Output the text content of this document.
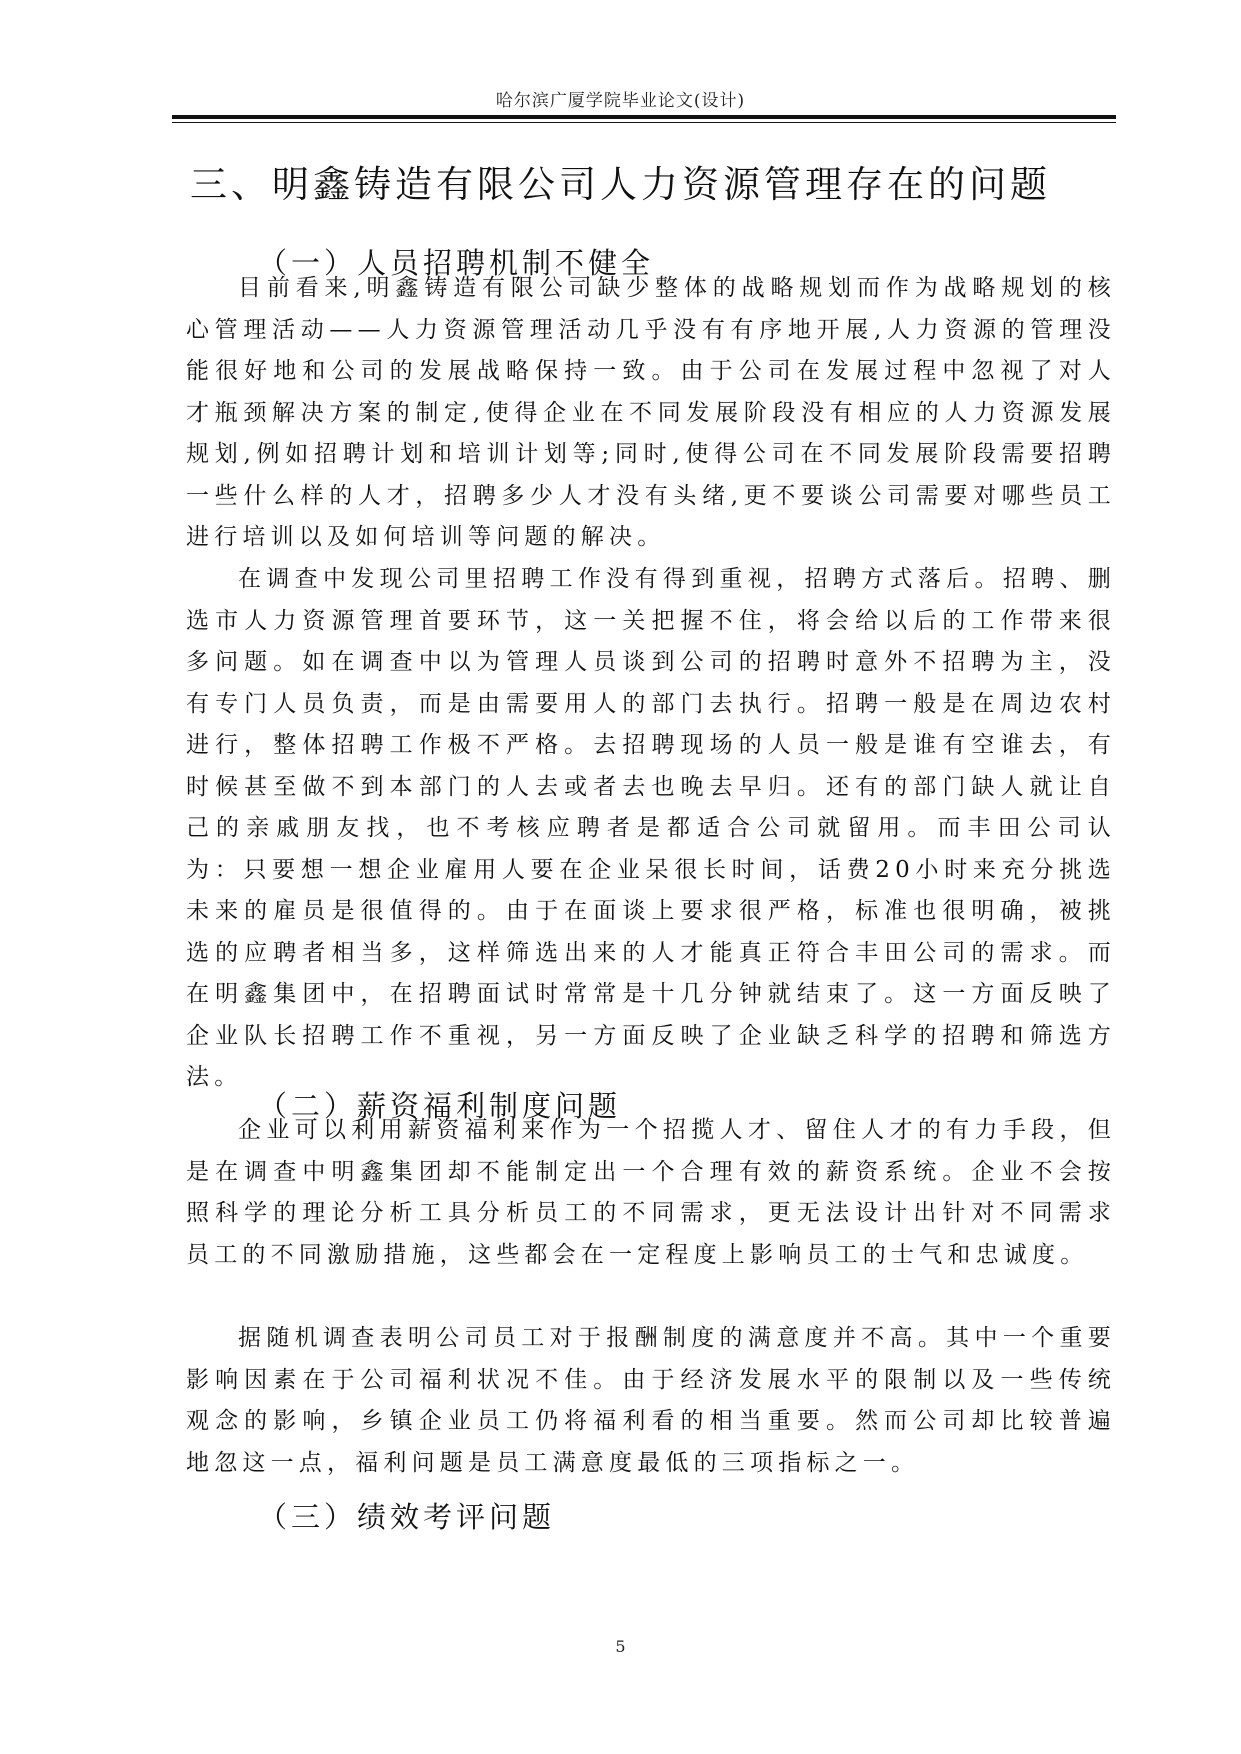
哈尔滨广厦学院毕业论文(设计)
三、明鑫铸造有限公司人力资源管理存在的问题
（一）人员招聘机制不健全

目前看来,明鑫铸造有限公司缺少整体的战略规划而作为战略规划的核心管理活动——人力资源管理活动几乎没有有序地开展,人力资源的管理没能很好地和公司的发展战略保持一致。由于公司在发展过程中忽视了对人才瓶颈解决方案的制定,使得企业在不同发展阶段没有相应的人力资源发展规划,例如招聘计划和培训计划等;同时,使得公司在不同发展阶段需要招聘一些什么样的人才，招聘多少人才没有头绪,更不要谈公司需要对哪些员工进行培训以及如何培训等问题的解决。

在调查中发现公司里招聘工作没有得到重视，招聘方式落后。招聘、删选市人力资源管理首要环节，这一关把握不住，将会给以后的工作带来很多问题。如在调查中以为管理人员谈到公司的招聘时意外不招聘为主，没有专门人员负责，而是由需要用人的部门去执行。招聘一般是在周边农村进行，整体招聘工作极不严格。去招聘现场的人员一般是谁有空谁去，有时候甚至做不到本部门的人去或者去也晚去早归。还有的部门缺人就让自己的亲戚朋友找，也不考核应聘者是都适合公司就留用。而丰田公司认为：只要想一想企业雇用人要在企业呆很长时间，话费20小时来充分挑选未来的雇员是很值得的。由于在面谈上要求很严格，标准也很明确，被挑选的应聘者相当多，这样筛选出来的人才能真正符合丰田公司的需求。而在明鑫集团中，在招聘面试时常常是十几分钟就结束了。这一方面反映了企业队长招聘工作不重视，另一方面反映了企业缺乏科学的招聘和筛选方法。

（二）薪资福利制度问题

企业可以利用薪资福利来作为一个招揽人才、留住人才的有力手段，但是在调查中明鑫集团却不能制定出一个合理有效的薪资系统。企业不会按照科学的理论分析工具分析员工的不同需求，更无法设计出针对不同需求员工的不同激励措施，这些都会在一定程度上影响员工的士气和忠诚度。

据随机调查表明公司员工对于报酬制度的满意度并不高。其中一个重要影响因素在于公司福利状况不佳。由于经济发展水平的限制以及一些传统观念的影响，乡镇企业员工仍将福利看的相当重要。然而公司却比较普遍地忽这一点，福利问题是员工满意度最低的三项指标之一。

（三）绩效考评问题
5
